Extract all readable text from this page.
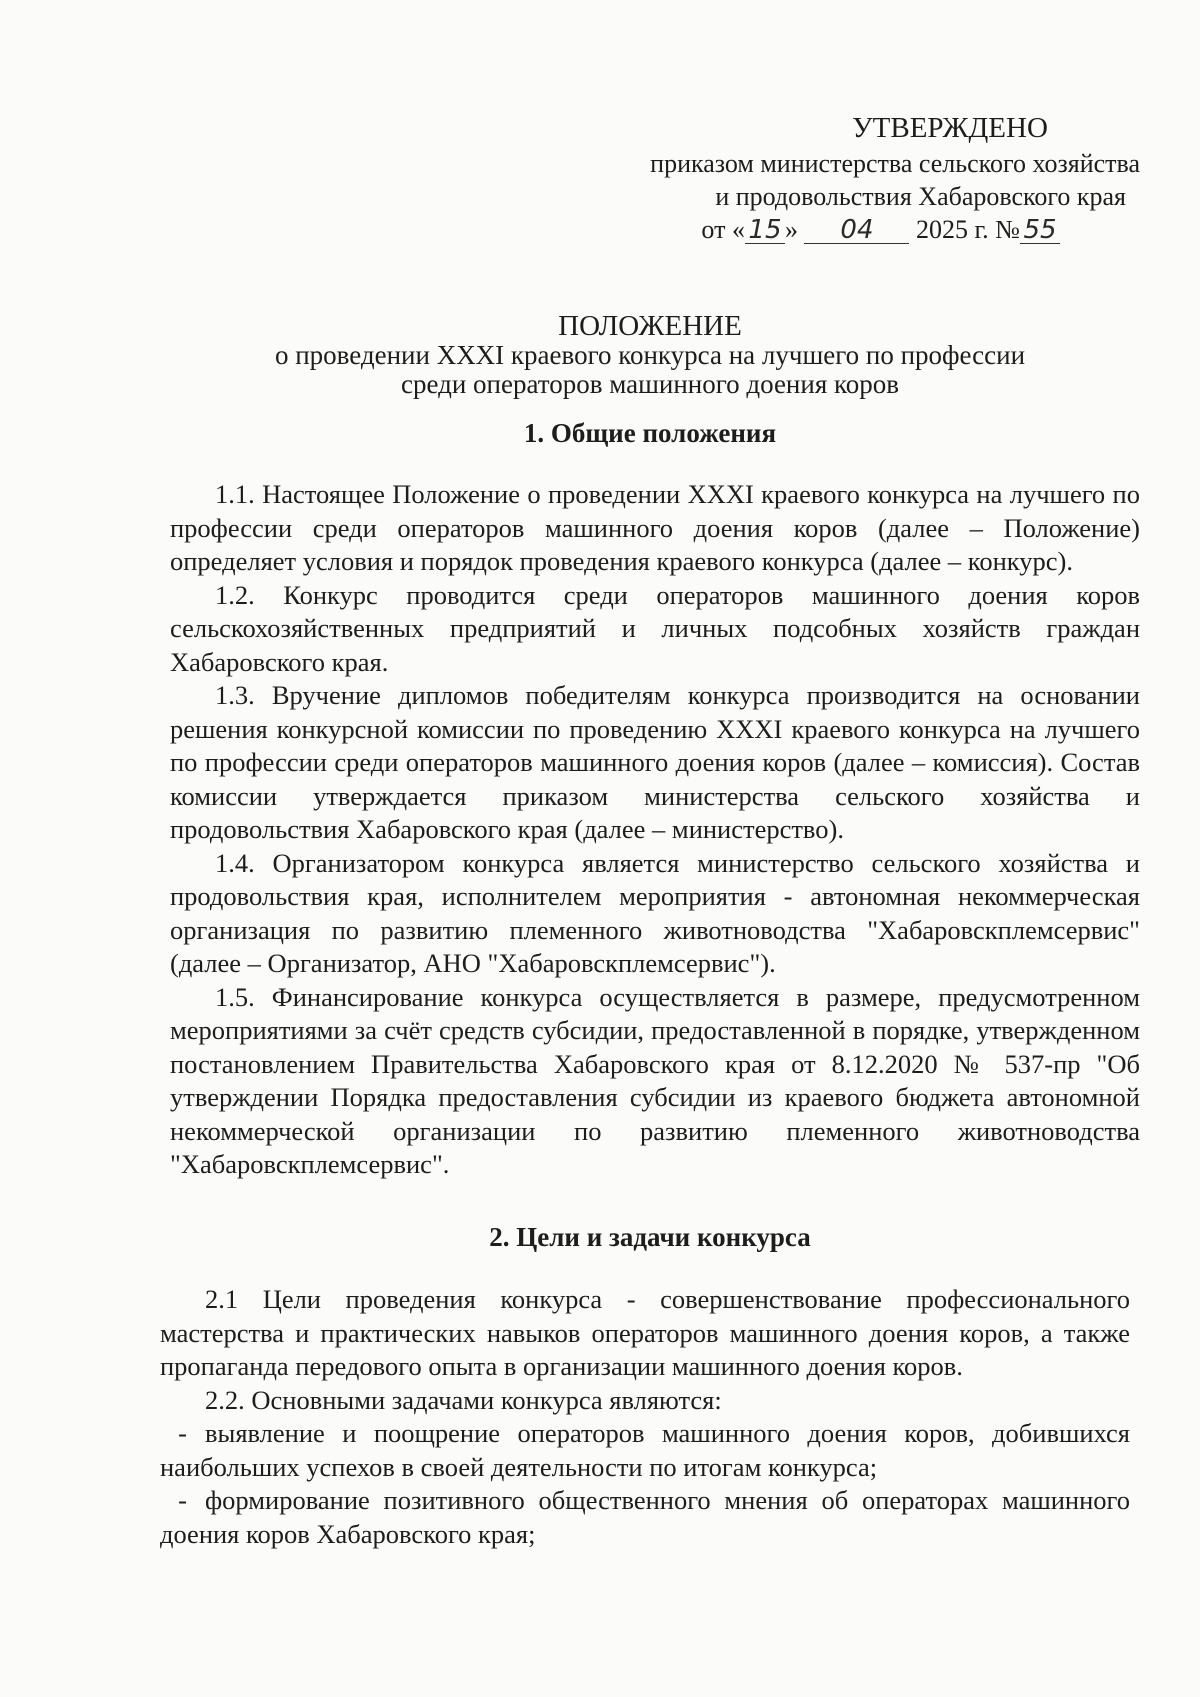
УТВЕРЖДЕНО
приказом министерства сельского хозяйства
и продовольствия Хабаровского края
от « 15 » 04 2025 г. № 55
ПОЛОЖЕНИЕ
о проведении XXXI краевого конкурса на лучшего по профессии
среди операторов машинного доения коров
1. Общие положения

1.1. Настоящее Положение о проведении XXXI краевого конкурса на лучшего по профессии среди операторов машинного доения коров (далее – Положение) определяет условия и порядок проведения краевого конкурса (далее – конкурс).

1.2. Конкурс проводится среди операторов машинного доения коров сельскохозяйственных предприятий и личных подсобных хозяйств граждан Хабаровского края.

1.3. Вручение дипломов победителям конкурса производится на основании решения конкурсной комиссии по проведению XXXI краевого конкурса на лучшего по профессии среди операторов машинного доения коров (далее – комиссия). Состав комиссии утверждается приказом министерства сельского хозяйства и продовольствия Хабаровского края (далее – министерство).

1.4. Организатором конкурса является министерство сельского хозяйства и продовольствия края, исполнителем мероприятия - автономная некоммерческая организация по развитию племенного животноводства "Хабаровскплемсервис" (далее – Организатор, АНО "Хабаровскплемсервис").

1.5. Финансирование конкурса осуществляется в размере, предусмотренном мероприятиями за счёт средств субсидии, предоставленной в порядке, утвержденном постановлением Правительства Хабаровского края от 8.12.2020 № 537-пр "Об утверждении Порядка предоставления субсидии из краевого бюджета автономной некоммерческой организации по развитию племенного животноводства "Хабаровскплемсервис".

2. Цели и задачи конкурса

2.1 Цели проведения конкурса - совершенствование профессионального мастерства и практических навыков операторов машинного доения коров, а также пропаганда передового опыта в организации машинного доения коров.

2.2. Основными задачами конкурса являются:

- выявление и поощрение операторов машинного доения коров, добившихся наибольших успехов в своей деятельности по итогам конкурса;

- формирование позитивного общественного мнения об операторах машинного доения коров Хабаровского края;
